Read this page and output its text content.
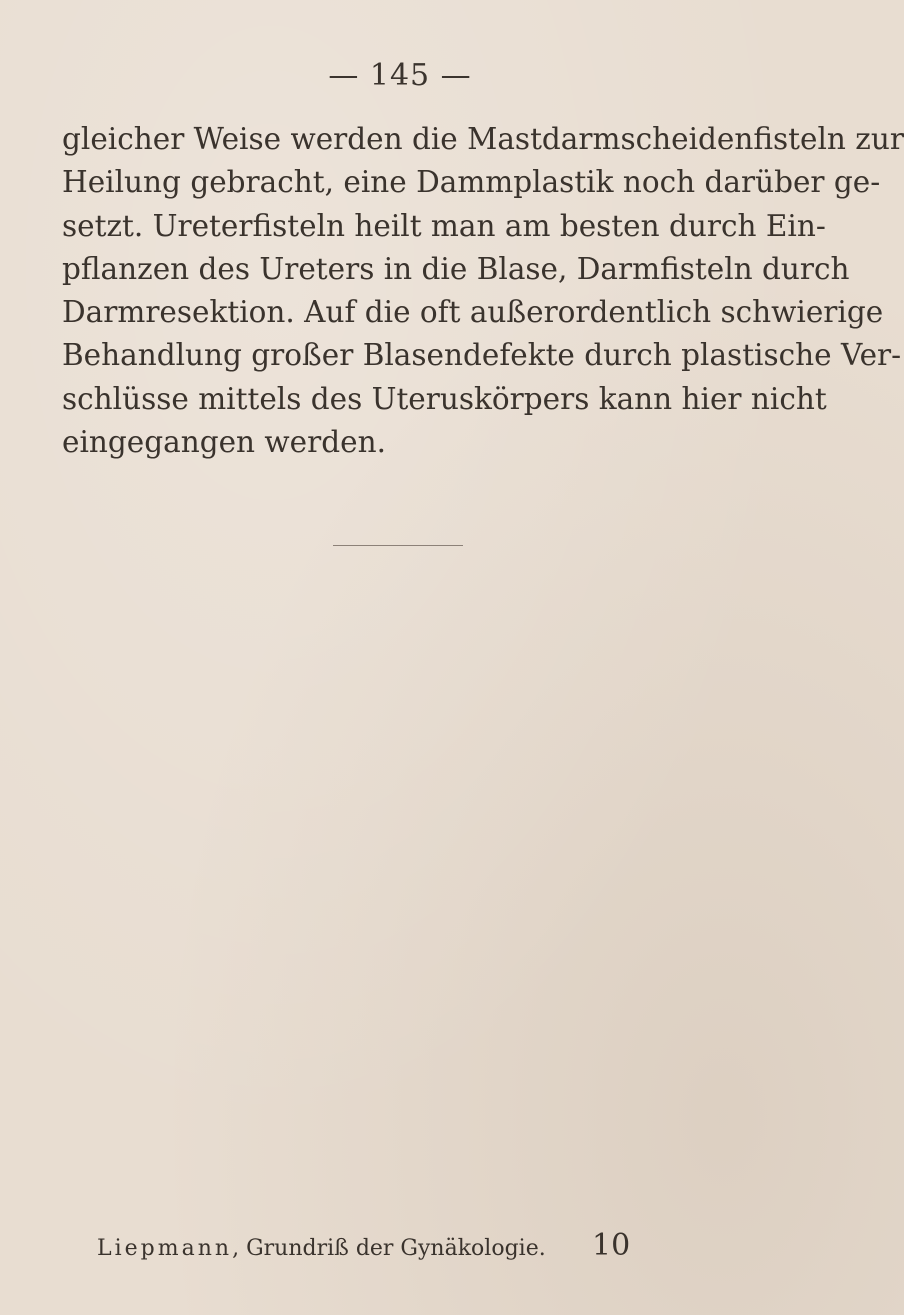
— 145 —
gleicher Weise werden die Mastdarmscheidenfisteln zur
Heilung gebracht, eine Dammplastik noch darüber ge-
setzt. Ureterfisteln heilt man am besten durch Ein-
pflanzen des Ureters in die Blase, Darmfisteln durch
Darmresektion. Auf die oft außerordentlich schwierige
Behandlung großer Blasendefekte durch plastische Ver-
schlüsse mittels des Uteruskörpers kann hier nicht
eingegangen werden.
Liepmann, Grundriß der Gynäkologie. 10
